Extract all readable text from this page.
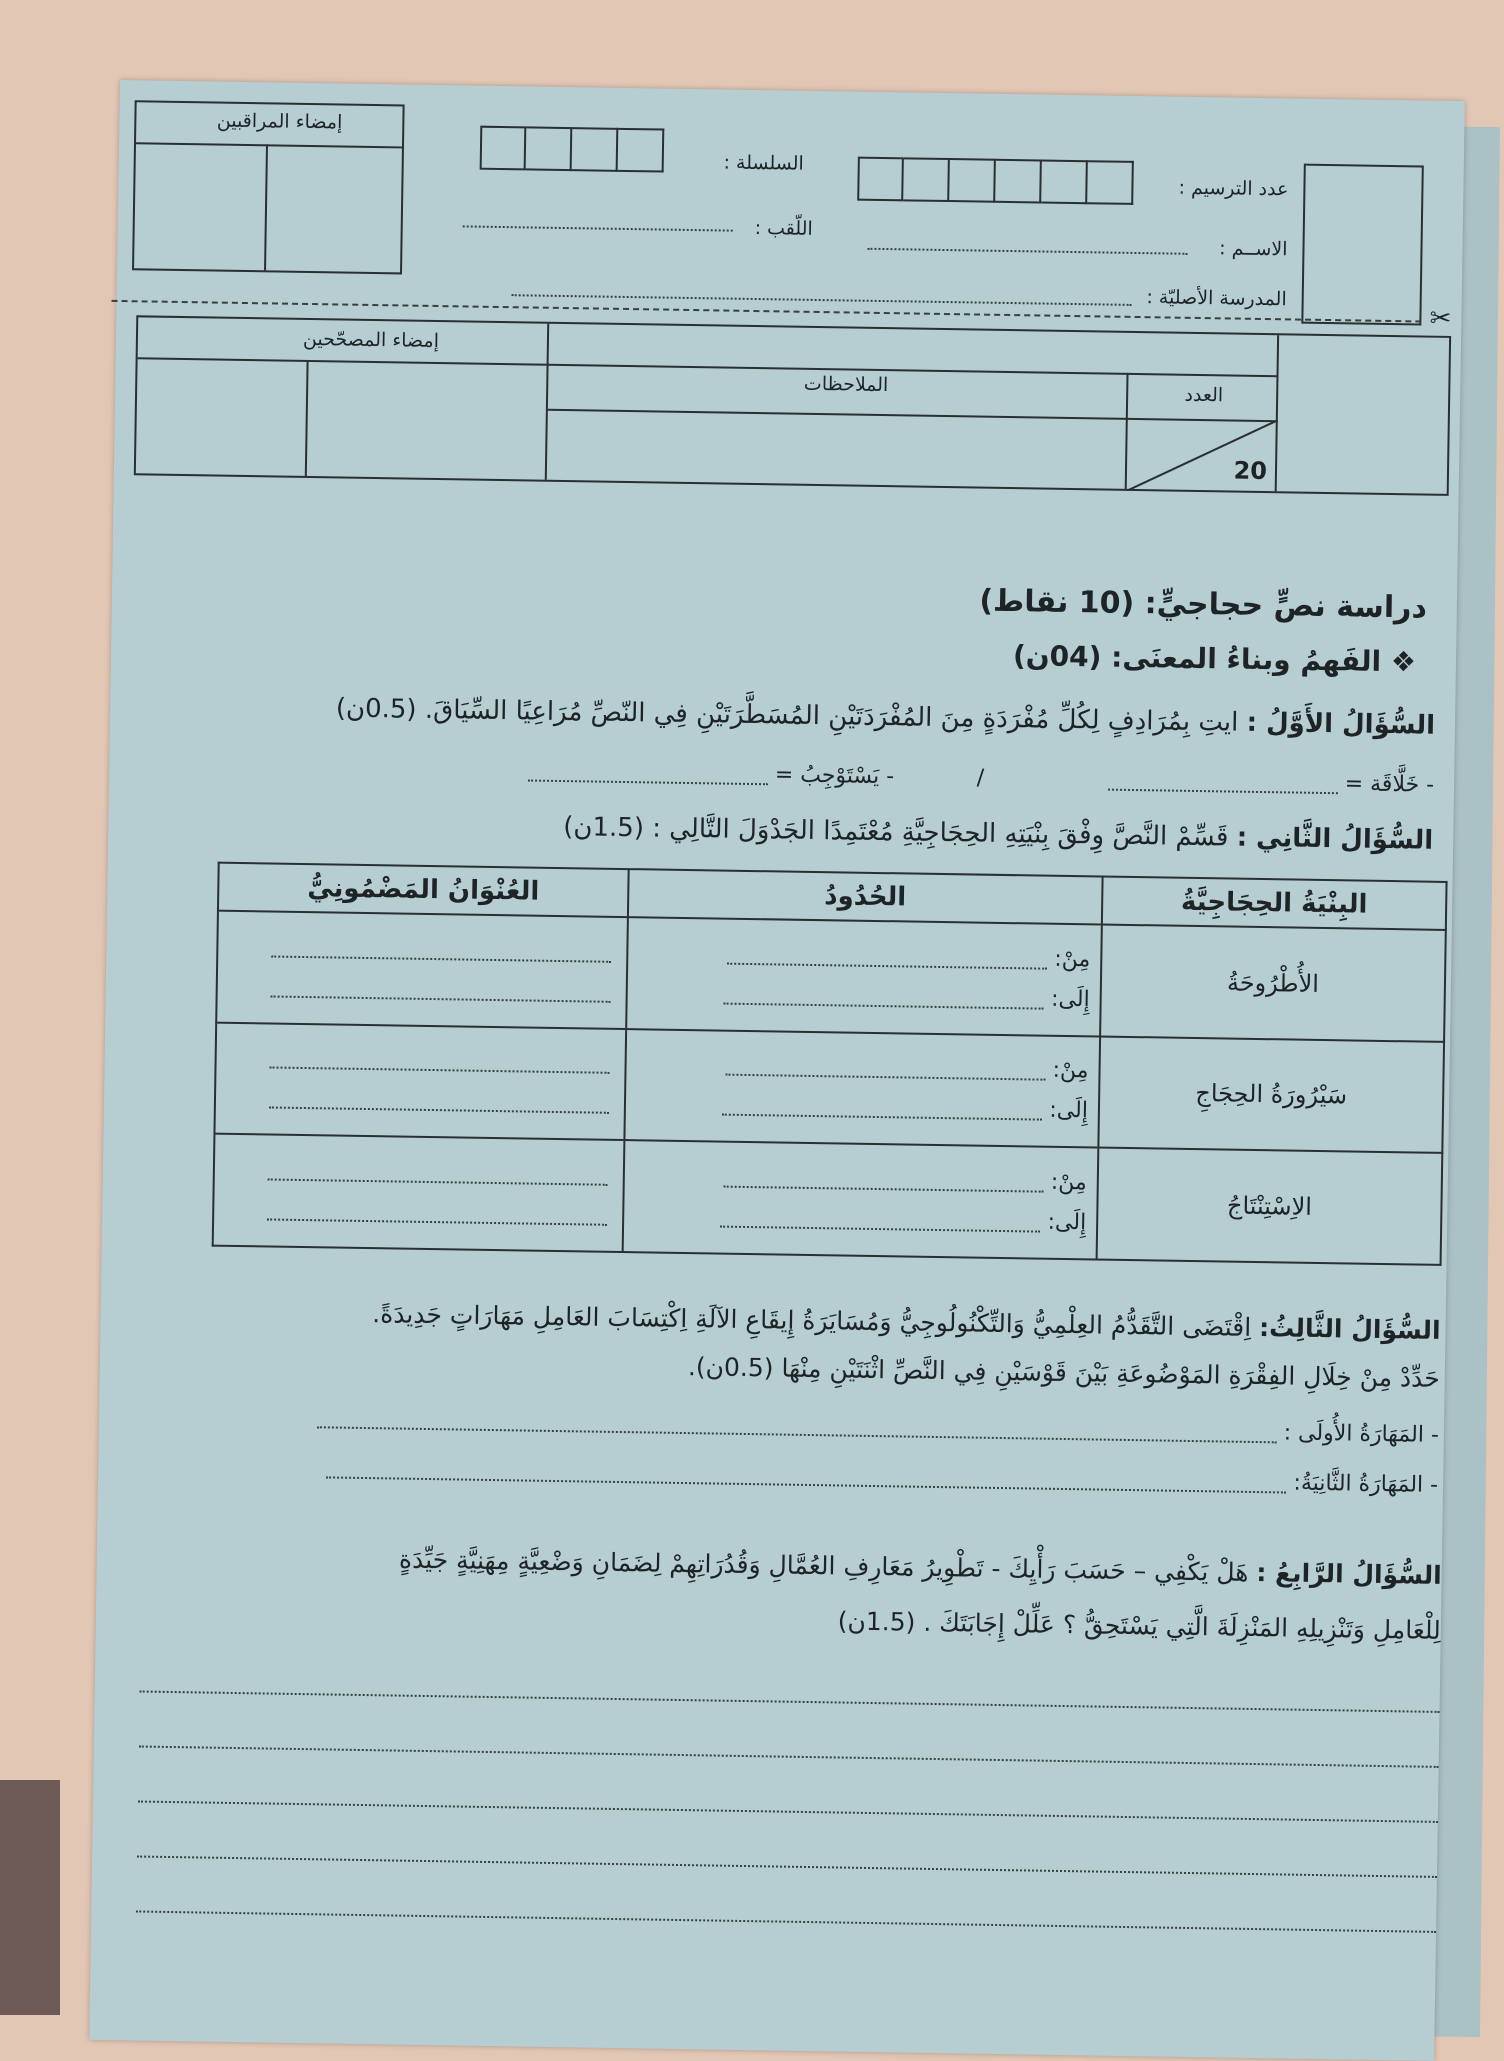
عدد الترسيم :
السلسلة :
الاســم :
اللّقب :
المدرسة الأصليّة :
إمضاء المراقبين
✂
العدد
20
الملاحظات
إمضاء المصحّحين
دراسة نصٍّ حجاجيٍّ: (10 نقاط)
❖ الفَهمُ وبناءُ المعنَى: (04ن)
السُّؤَالُ الأَوَّلُ : ايتِ بِمُرَادِفٍ لِكُلِّ مُفْرَدَةٍ مِنَ المُفْرَدَتَيْنِ المُسَطَّرَتَيْنِ فِي النّصِّ مُرَاعِيًا السِّيَاقَ. (0.5ن)
- خَلَّاقَة =
/
- يَسْتَوْجِبُ =
السُّؤَالُ الثَّانِي : قَسِّمْ النَّصَّ وِفْقَ بِنْيَتِهِ الحِجَاجِيَّةِ مُعْتَمِدًا الجَدْوَلَ التَّالِي : (1.5ن)
البِنْيَةُ الحِجَاجِيَّةُ	الحُدُودُ	العُنْوَانُ المَضْمُونِيُّ
الأُطْرُوحَةُ	مِنْ:
إِلَى:	

سَيْرُورَةُ الحِجَاجِ	مِنْ:
إِلَى:	

الاِسْتِنْتَاجُ	مِنْ:
إِلَى:	

السُّؤَالُ الثَّالِثُ: اِقْتَضَى التَّقَدُّمُ العِلْمِيُّ وَالتِّكْنُولُوجِيُّ وَمُسَايَرَةُ إِيقَاعِ الآلَةِ اِكْتِسَابَ العَامِلِ مَهَارَاتٍ جَدِيدَةً.
حَدِّدْ مِنْ خِلَالِ الفِقْرَةِ المَوْضُوعَةِ بَيْنَ قَوْسَيْنِ فِي النَّصِّ اثْنَتَيْنِ مِنْهَا (0.5ن).
- المَهَارَةُ الأُولَى :
- المَهَارَةُ الثَّانِيَةُ:
السُّؤَالُ الرَّابِعُ : هَلْ يَكْفِي – حَسَبَ رَأْيِكَ - تَطْوِيرُ مَعَارِفِ العُمَّالِ وَقُدُرَاتِهِمْ لِضَمَانِ وَضْعِيَّةٍ مِهَنِيَّةٍ جَيِّدَةٍ
لِلْعَامِلِ وَتَنْزِيلِهِ المَنْزِلَةَ الَّتِي يَسْتَحِقُّ ؟ عَلِّلْ إِجَابَتَكَ . (1.5ن)
